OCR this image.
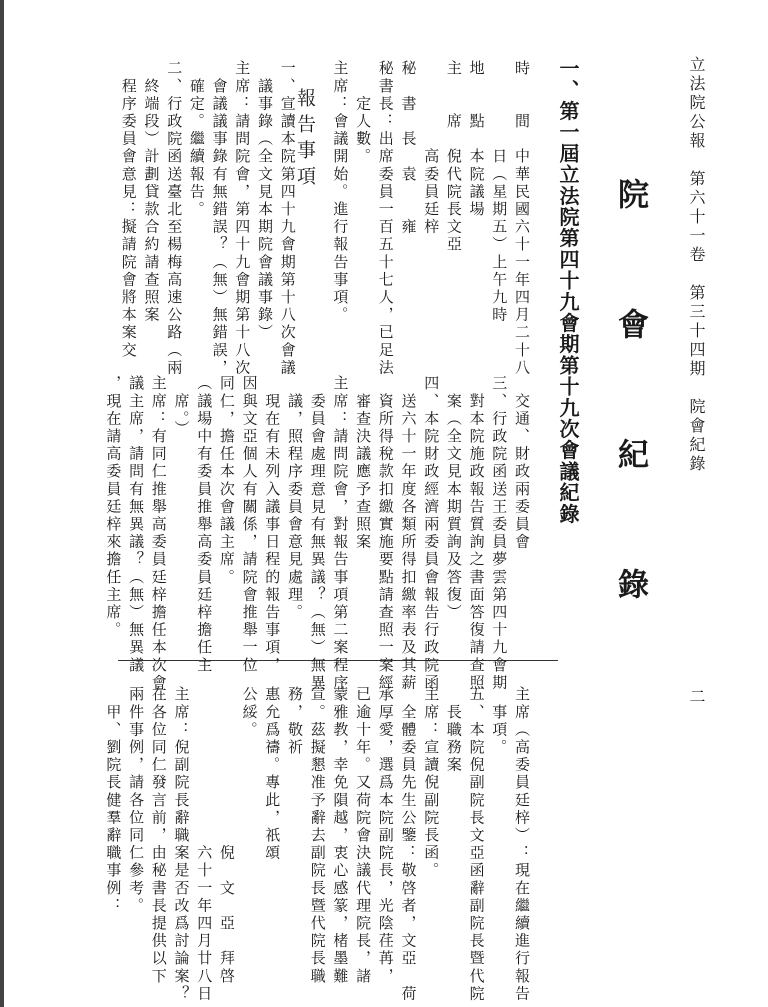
立法院公報　第六十一卷　第三十四期　院會紀錄
二
院　會　紀　錄
一、第一屆立法院第四十九會期第十九次會議紀錄
報告事項	時　　間　中華民國六十一年四月二十八
　　　　　日（星期五）上午九時
地　　點　本院議場
主　　席　倪代院長文亞
　　　　　高委員廷梓
秘　書　長　袁　　雍
秘書長：出席委員一百五十七人，已足法
　　定人數。
主席：會議開始。進行報告事項。
一、宣讀本院第四十九會期第十八次會議
　議事錄（全文見本期院會議事錄）
主席：請問院會，第四十九會期第十八次
　會議議事錄有無錯誤？（無）無錯誤，
　確定。繼續報告。
二、行政院函送臺北至楊梅高速公路（兩
　終端段）計劃貸款合約請查照案
　程序委員會意見：擬請院會將本案交
　交通、財政兩委員會
三、行政院函送王委員夢雲第四十九會期
　對本院施政報告質詢之書面答復請查照
　案（全文見本期質詢及答復）
四、本院財政經濟兩委員會報告行政院函
　送六十一年度各類所得扣繳率表及其薪
　資所得稅款扣繳實施要點請查照一案經
　審查決議應予查照案
主席：請問院會，對報告事項第二案程序
　委員會處理意見有無異議？（無）無異
　議，照程序委員會意見處理。
　現在有未列入議事日程的報告事項，
因與文亞個人有關係，請院會推舉一位
同仁，擔任本次會議主席。
（議場中有委員推舉高委員廷梓擔任主
　席。）
主席：有同仁推舉高委員廷梓擔任本次會
議主席，請問有無異議？（無）無異議
，現在請高委員廷梓來擔任主席。
主席（高委員廷梓）：現在繼續進行報告
　事項。
五、本院倪副院長文亞函辭副院長暨代院
　長職務案
主席：宣讀倪副院長函。
　全體委員先生公鑒：敬啓者，文亞　荷
承厚愛，選爲本院副院長，光陰荏苒，
已逾十年。又荷院會決議代理院長，諸
蒙雅教，幸免隕越，衷心感篆，楮墨難
宣。茲擬懇准予辭去副院長暨代院長職
務，敬祈
惠允爲禱。專此，祇頌
公綏。
　　　　　　　　　倪　文　亞　拜啓
　　　　　　　　　六十一年四月廿八日
主席：倪副院長辭職案是否改爲討論案？
在各位同仁發言前，由秘書長提供以下
兩件事例，請各位同仁參考。
　甲、劉院長健羣辭職事例：
